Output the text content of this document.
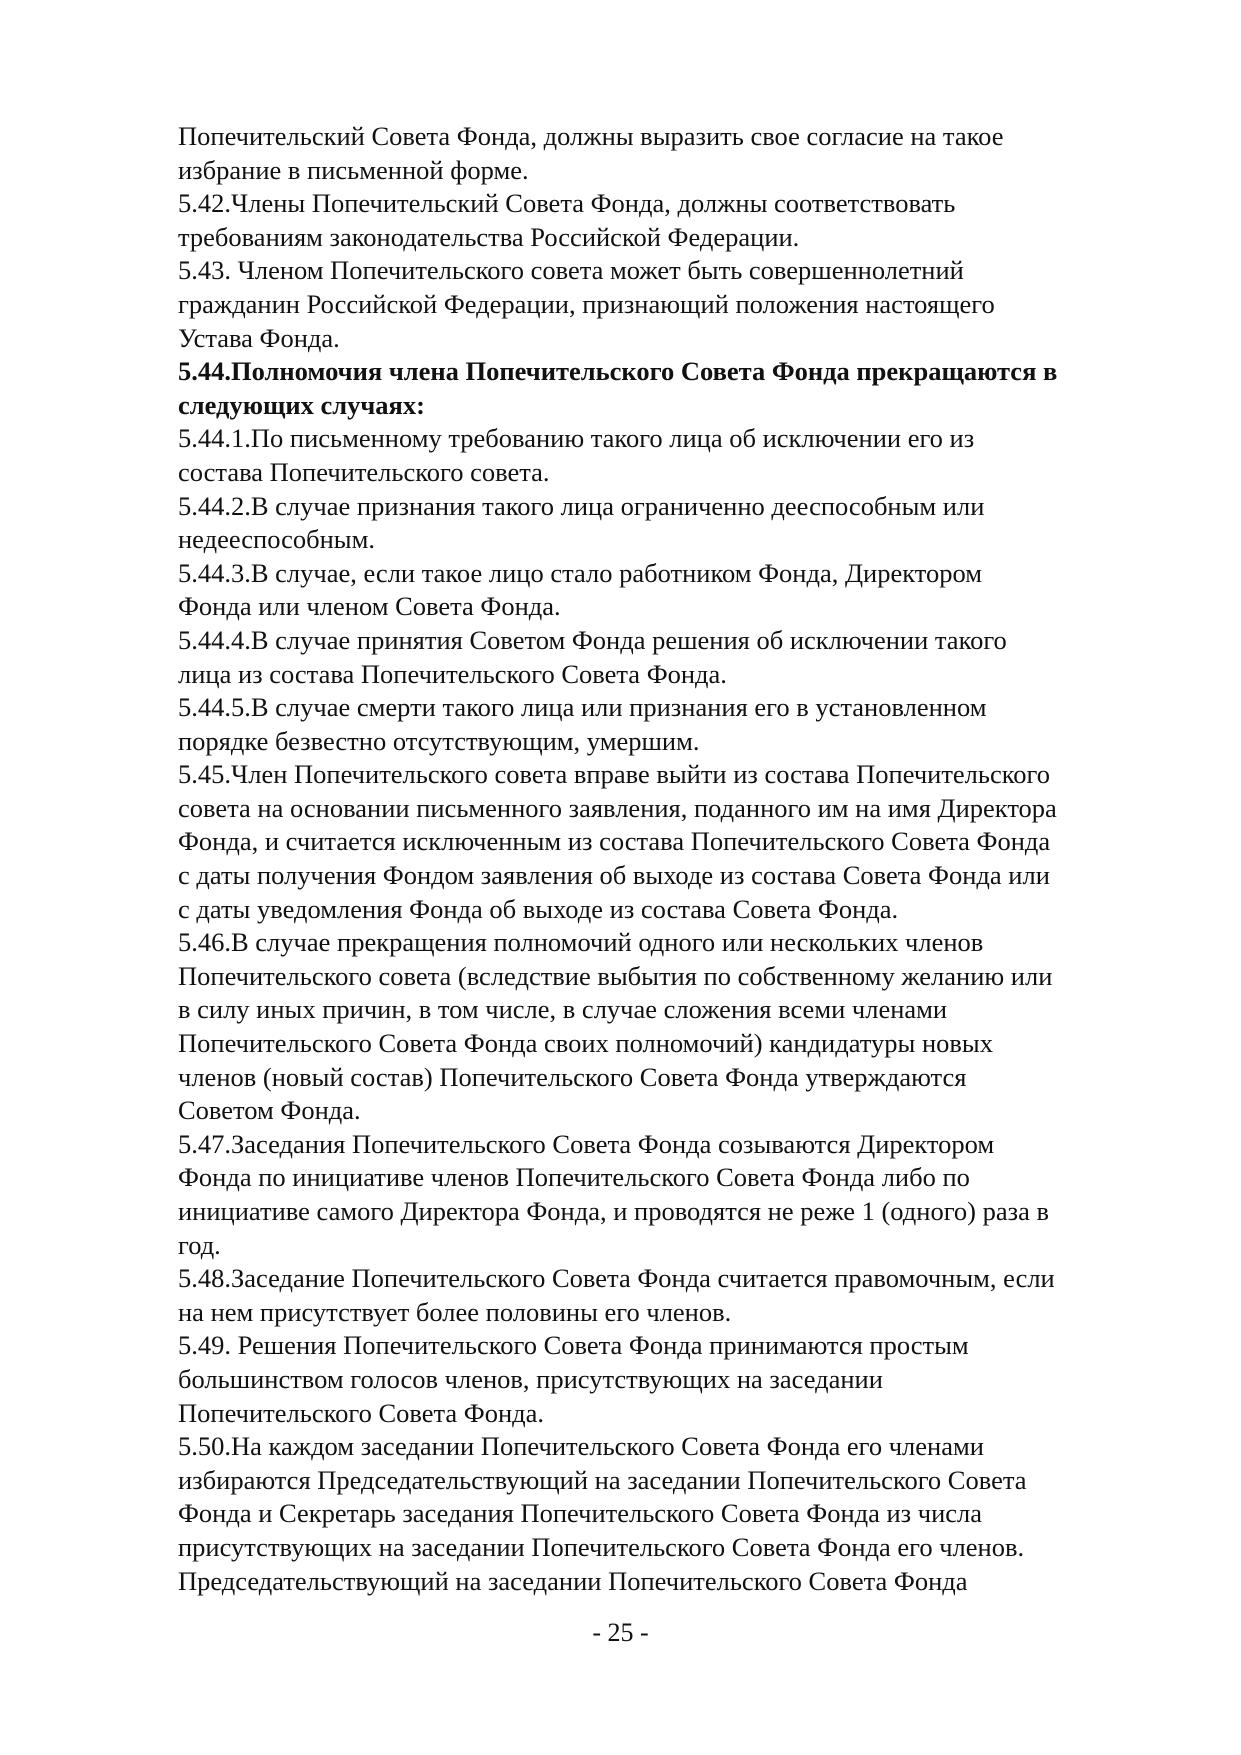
Попечительский Совета Фонда, должны выразить свое согласие на такое
избрание в письменной форме.
5.42.Члены Попечительский Совета Фонда, должны соответствовать
требованиям законодательства Российской Федерации.
5.43. Членом Попечительского совета может быть совершеннолетний
гражданин Российской Федерации, признающий положения настоящего
Устава Фонда.
5.44.Полномочия члена Попечительского Совета Фонда прекращаются в
следующих случаях:
5.44.1.По письменному требованию такого лица об исключении его из
состава Попечительского совета.
5.44.2.В случае признания такого лица ограниченно дееспособным или
недееспособным.
5.44.3.В случае, если такое лицо стало работником Фонда, Директором
Фонда или членом Совета Фонда.
5.44.4.В случае принятия Советом Фонда решения об исключении такого
лица из состава Попечительского Совета Фонда.
5.44.5.В случае смерти такого лица или признания его в установленном
порядке безвестно отсутствующим, умершим.
5.45.Член Попечительского совета вправе выйти из состава Попечительского
совета на основании письменного заявления, поданного им на имя Директора
Фонда, и считается исключенным из состава Попечительского Совета Фонда
с даты получения Фондом заявления об выходе из состава Совета Фонда или
с даты уведомления Фонда об выходе из состава Совета Фонда.
5.46.В случае прекращения полномочий одного или нескольких членов
Попечительского совета (вследствие выбытия по собственному желанию или
в силу иных причин, в том числе, в случае сложения всеми членами
Попечительского Совета Фонда своих полномочий) кандидатуры новых
членов (новый состав) Попечительского Совета Фонда утверждаются
Советом Фонда.
5.47.Заседания Попечительского Совета Фонда созываются Директором
Фонда по инициативе членов Попечительского Совета Фонда либо по
инициативе самого Директора Фонда, и проводятся не реже 1 (одного) раза в
год.
5.48.Заседание Попечительского Совета Фонда считается правомочным, если
на нем присутствует более половины его членов.
5.49. Решения Попечительского Совета Фонда принимаются простым
большинством голосов членов, присутствующих на заседании
Попечительского Совета Фонда.
5.50.На каждом заседании Попечительского Совета Фонда его членами
избираются Председательствующий на заседании Попечительского Совета
Фонда и Секретарь заседания Попечительского Совета Фонда из числа
присутствующих на заседании Попечительского Совета Фонда его членов.
Председательствующий на заседании Попечительского Совета Фонда
- 25 -
